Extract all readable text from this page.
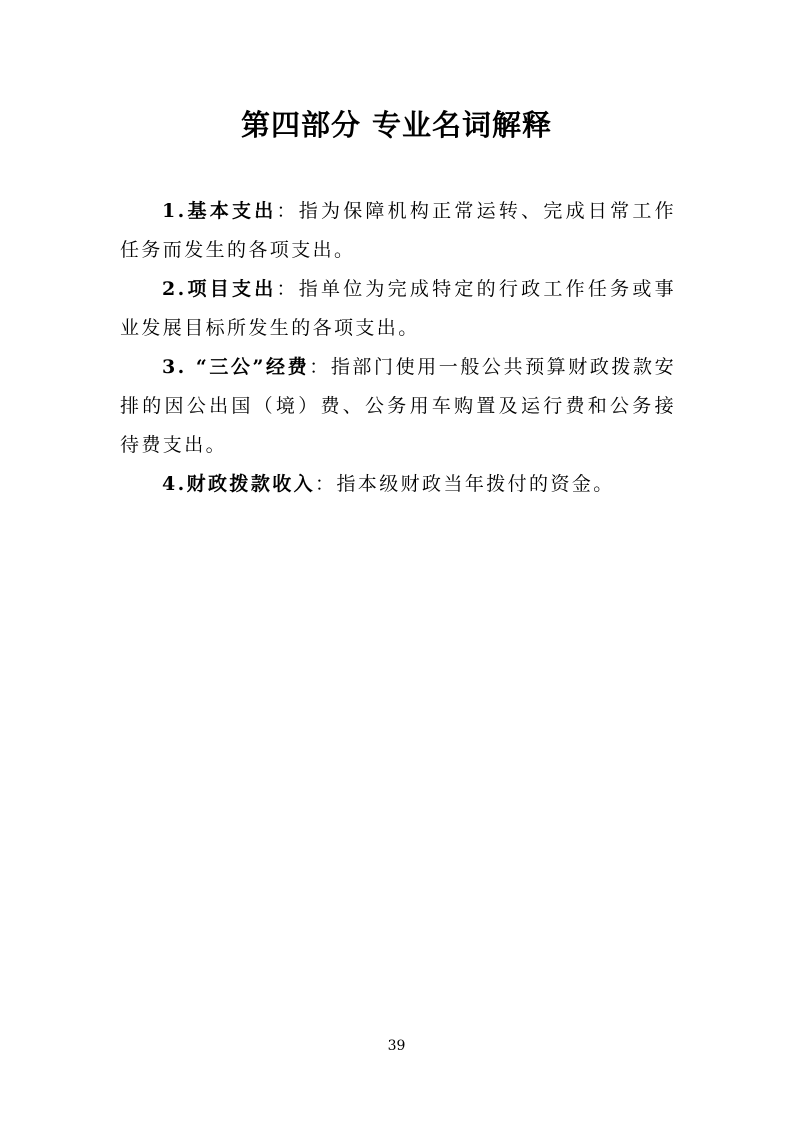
第四部分 专业名词解释

1.基本支出：指为保障机构正常运转、完成日常工作任务而发生的各项支出。

2.项目支出：指单位为完成特定的行政工作任务或事业发展目标所发生的各项支出。

3. “三公”经费：指部门使用一般公共预算财政拨款安排的因公出国（境）费、公务用车购置及运行费和公务接待费支出。

4.财政拨款收入：指本级财政当年拨付的资金。

39
